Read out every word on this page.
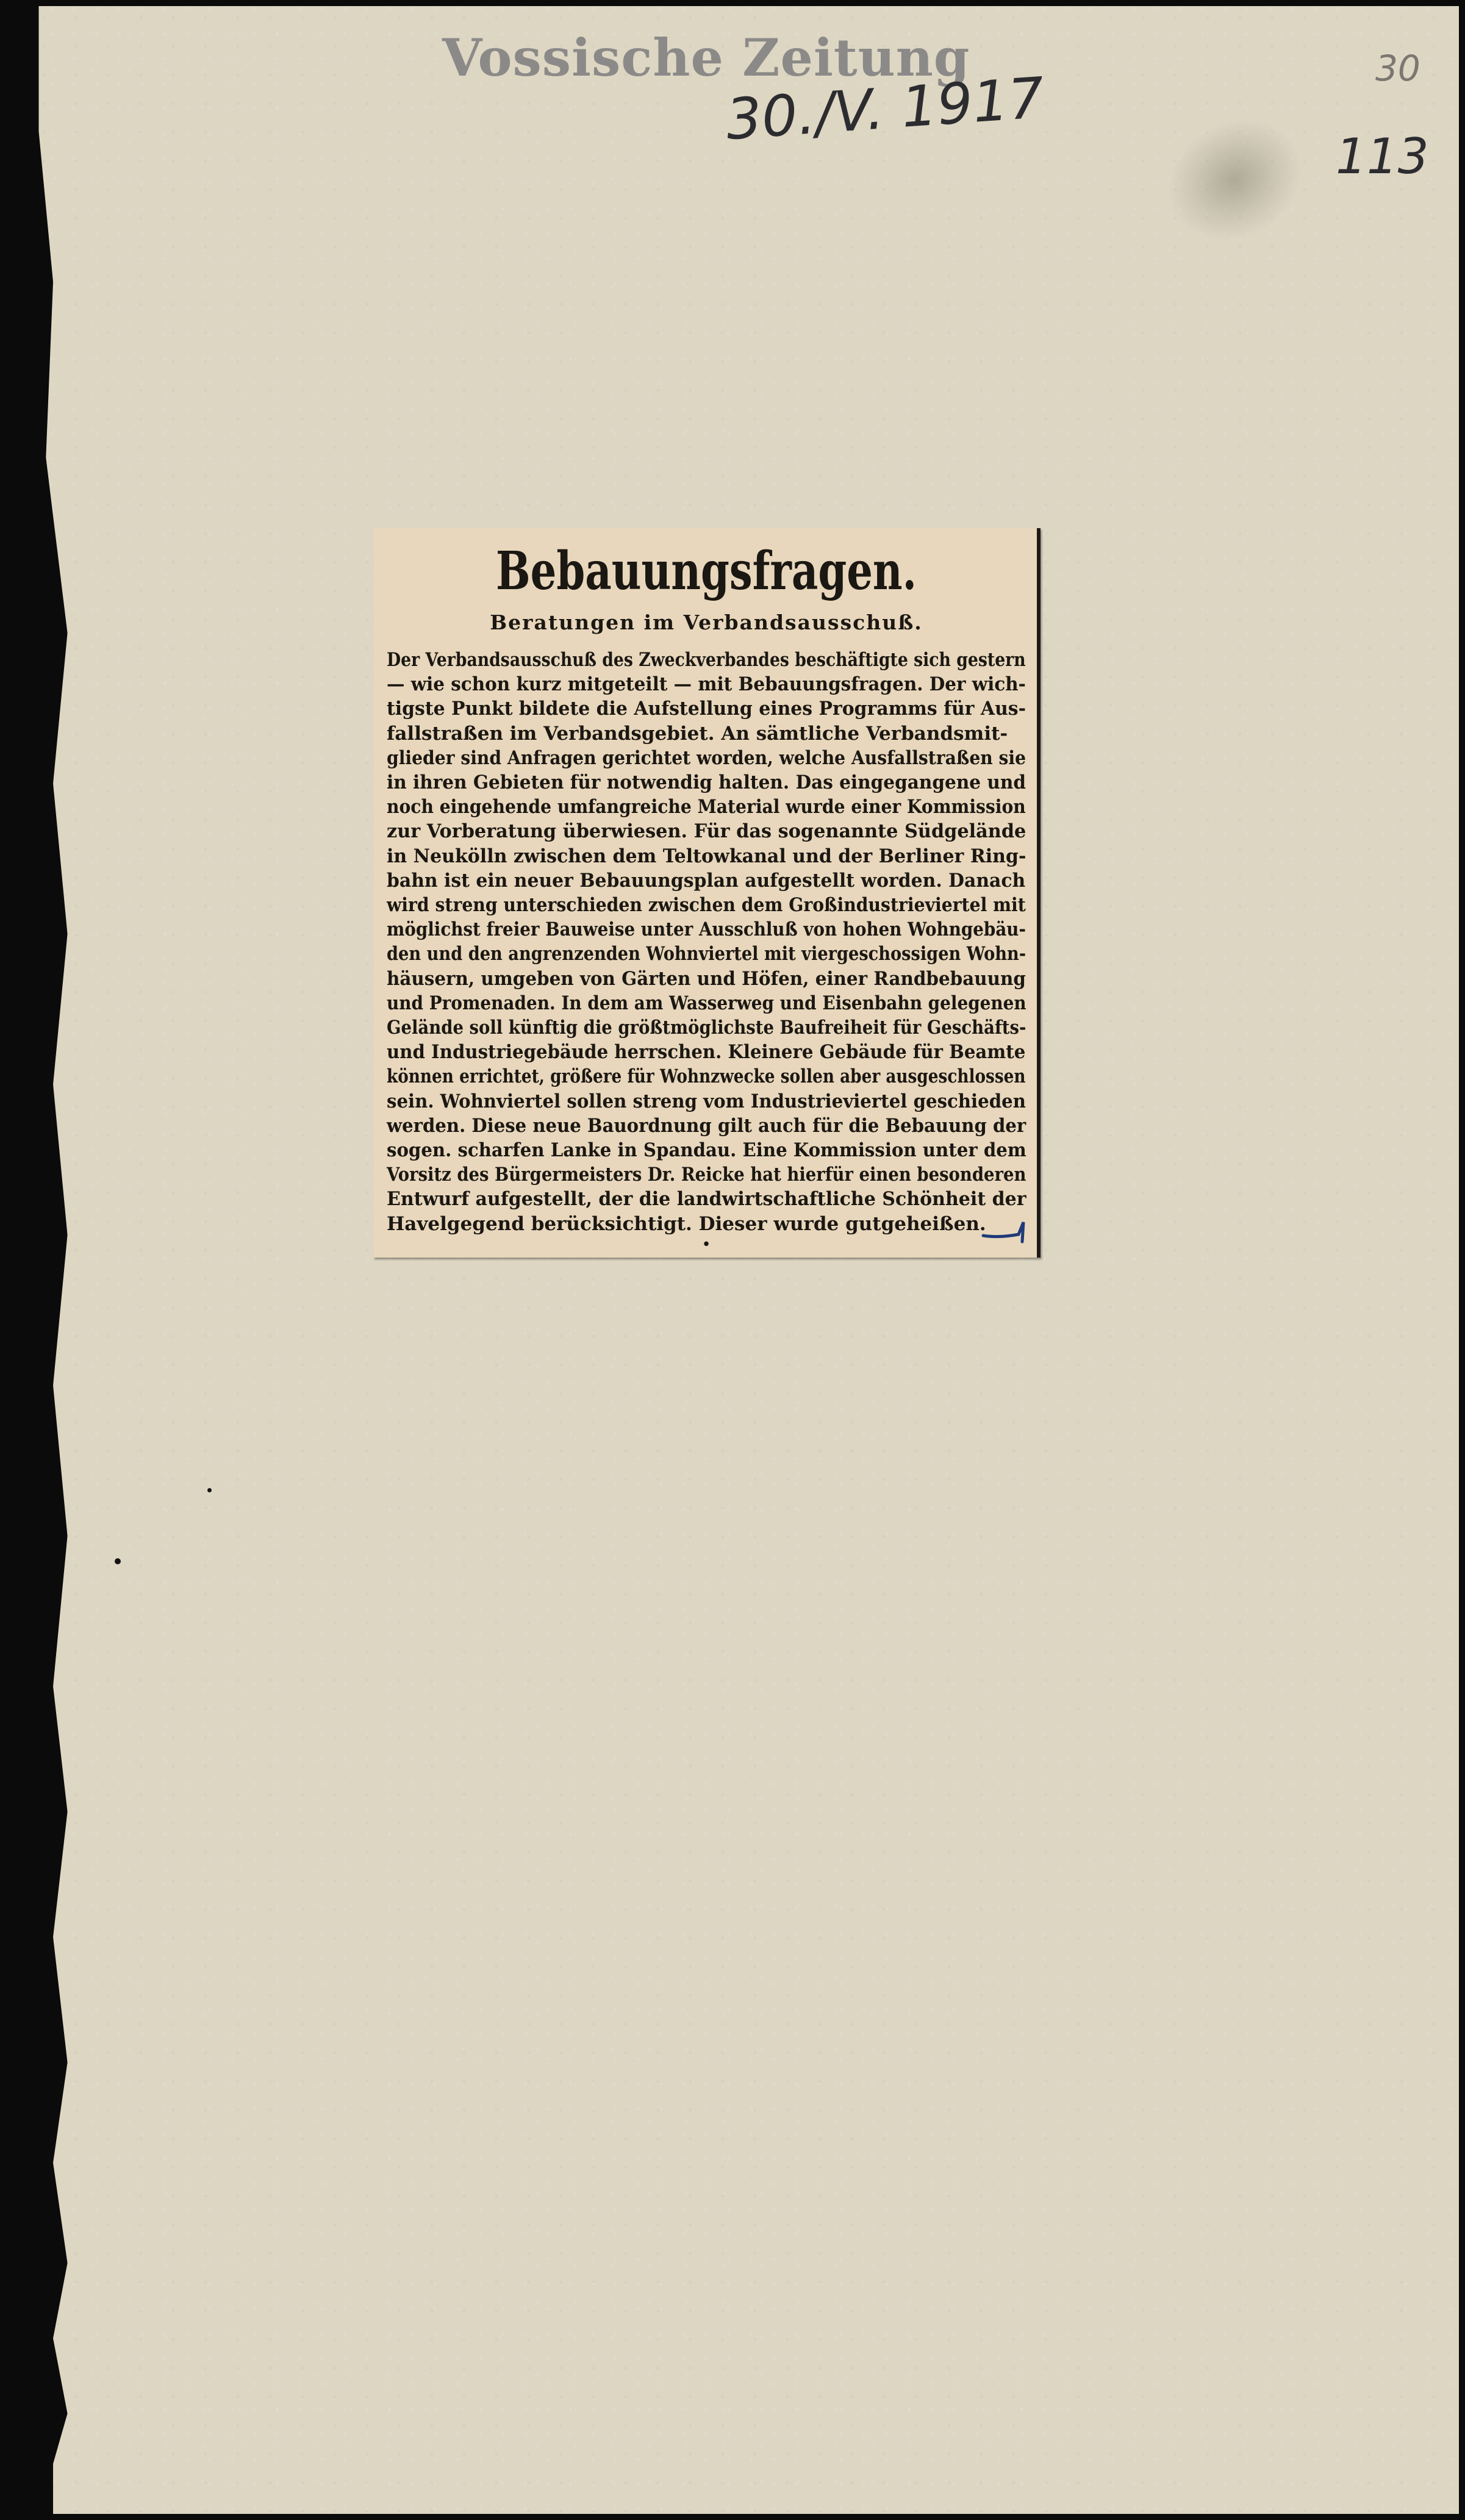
Vossische Zeitung
30./V. 1917	30
113
Bebauungsfragen.
Beratungen im Verbandsausschuß.
Der Verbandsausschuß des Zweckverbandes beschäftigte sich gestern
— wie schon kurz mitgeteilt — mit Bebauungsfragen. Der wich-
tigste Punkt bildete die Aufstellung eines Programms für Aus-
fallstraßen im Verbandsgebiet. An sämtliche Verbandsmit-
glieder sind Anfragen gerichtet worden, welche Ausfallstraßen sie
in ihren Gebieten für notwendig halten. Das eingegangene und
noch eingehende umfangreiche Material wurde einer Kommission
zur Vorberatung überwiesen. Für das sogenannte Südgelände
in Neukölln zwischen dem Teltowkanal und der Berliner Ring-
bahn ist ein neuer Bebauungsplan aufgestellt worden. Danach
wird streng unterschieden zwischen dem Großindustrieviertel mit
möglichst freier Bauweise unter Ausschluß von hohen Wohngebäu-
den und den angrenzenden Wohnviertel mit viergeschossigen Wohn-
häusern, umgeben von Gärten und Höfen, einer Randbebauung
und Promenaden. In dem am Wasserweg und Eisenbahn gelegenen
Gelände soll künftig die größtmöglichste Baufreiheit für Geschäfts-
und Industriegebäude herrschen. Kleinere Gebäude für Beamte
können errichtet, größere für Wohnzwecke sollen aber ausgeschlossen
sein. Wohnviertel sollen streng vom Industrieviertel geschieden
werden. Diese neue Bauordnung gilt auch für die Bebauung der
sogen. scharfen Lanke in Spandau. Eine Kommission unter dem
Vorsitz des Bürgermeisters Dr. Reicke hat hierfür einen besonderen
Entwurf aufgestellt, der die landwirtschaftliche Schönheit der
Havelgegend berücksichtigt. Dieser wurde gutgeheißen.
•
